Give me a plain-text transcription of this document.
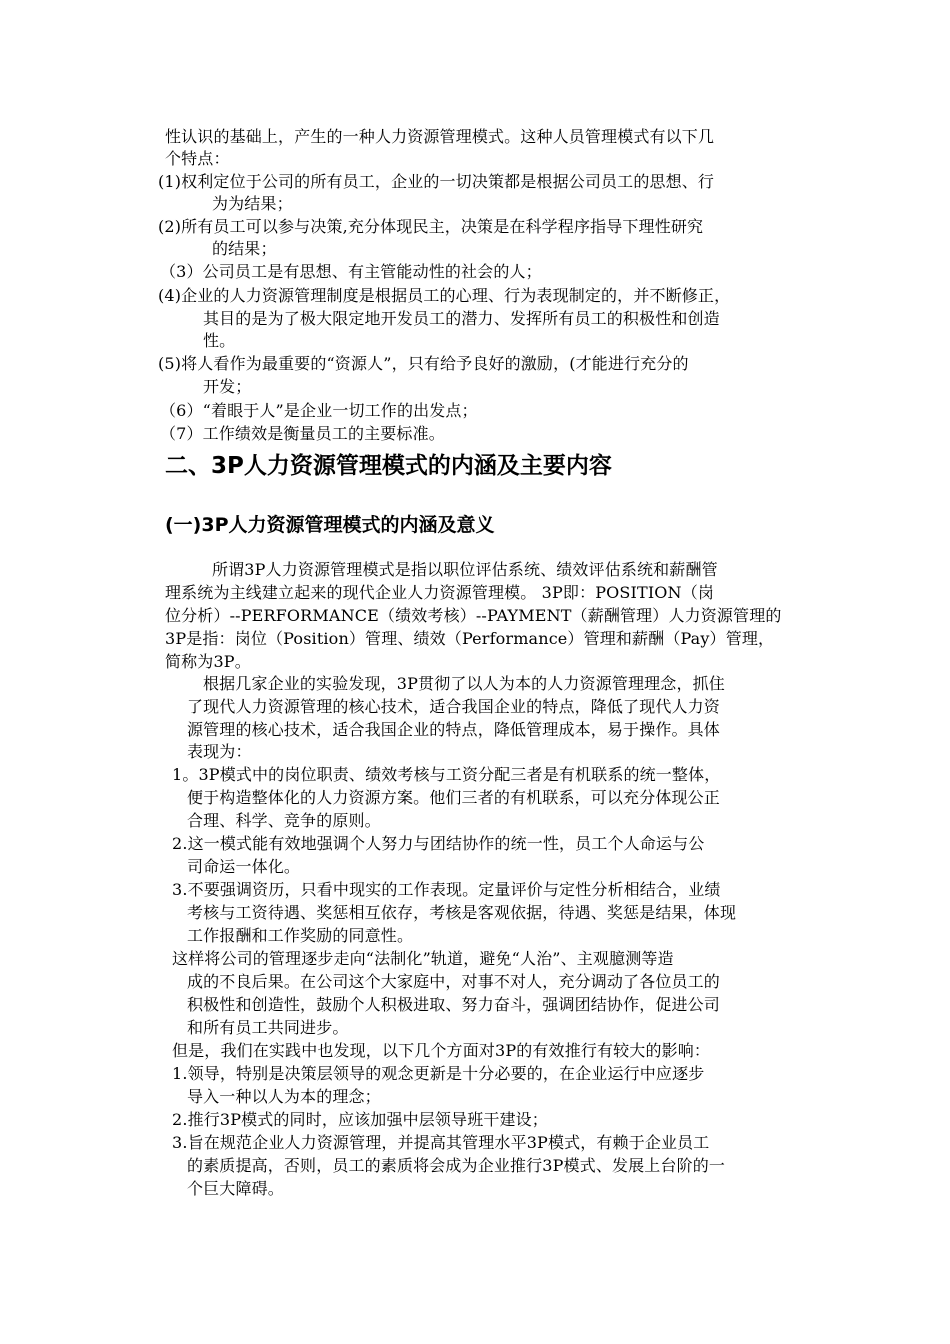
性认识的基础上，产生的一种人力资源管理模式。这种人员管理模式有以下几
个特点：
(1)权利定位于公司的所有员工，企业的一切决策都是根据公司员工的思想、行
为为结果；
(2)所有员工可以参与决策,充分体现民主，决策是在科学程序指导下理性研究
的结果；
（3）公司员工是有思想、有主管能动性的社会的人；
(4)企业的人力资源管理制度是根据员工的心理、行为表现制定的，并不断修正，
其目的是为了极大限定地开发员工的潜力、发挥所有员工的积极性和创造
性。
(5)将人看作为最重要的“资源人”，只有给予良好的激励，(才能进行充分的
开发；
（6）“着眼于人”是企业一切工作的出发点；
（7）工作绩效是衡量员工的主要标准。
二、3P人力资源管理模式的内涵及主要内容
(一)3P人力资源管理模式的内涵及意义
所谓3P人力资源管理模式是指以职位评估系统、绩效评估系统和薪酬管
理系统为主线建立起来的现代企业人力资源管理模。 3P即：POSITION（岗
位分析）--PERFORMANCE（绩效考核）--PAYMENT（薪酬管理）人力资源管理的
3P是指：岗位（Position）管理、绩效（Performance）管理和薪酬（Pay）管理，
简称为3P。
根据几家企业的实验发现，3P贯彻了以人为本的人力资源管理理念，抓住
了现代人力资源管理的核心技术，适合我国企业的特点，降低了现代人力资
源管理的核心技术，适合我国企业的特点，降低管理成本，易于操作。具体
表现为：
1。3P模式中的岗位职责、绩效考核与工资分配三者是有机联系的统一整体，
便于构造整体化的人力资源方案。他们三者的有机联系，可以充分体现公正
合理、科学、竞争的原则。
2.这一模式能有效地强调个人努力与团结协作的统一性，员工个人命运与公
司命运一体化。
3.不要强调资历，只看中现实的工作表现。定量评价与定性分析相结合，业绩
考核与工资待遇、奖惩相互依存，考核是客观依据，待遇、奖惩是结果，体现
工作报酬和工作奖励的同意性。
这样将公司的管理逐步走向“法制化”轨道，避免“人治”、主观臆测等造
成的不良后果。在公司这个大家庭中，对事不对人，充分调动了各位员工的
积极性和创造性，鼓励个人积极进取、努力奋斗，强调团结协作，促进公司
和所有员工共同进步。
但是，我们在实践中也发现，以下几个方面对3P的有效推行有较大的影响：
1.领导，特别是决策层领导的观念更新是十分必要的，在企业运行中应逐步
导入一种以人为本的理念；
2.推行3P模式的同时，应该加强中层领导班干建设；
3.旨在规范企业人力资源管理，并提高其管理水平3P模式，有赖于企业员工
的素质提高，否则，员工的素质将会成为企业推行3P模式、发展上台阶的一
个巨大障碍。
